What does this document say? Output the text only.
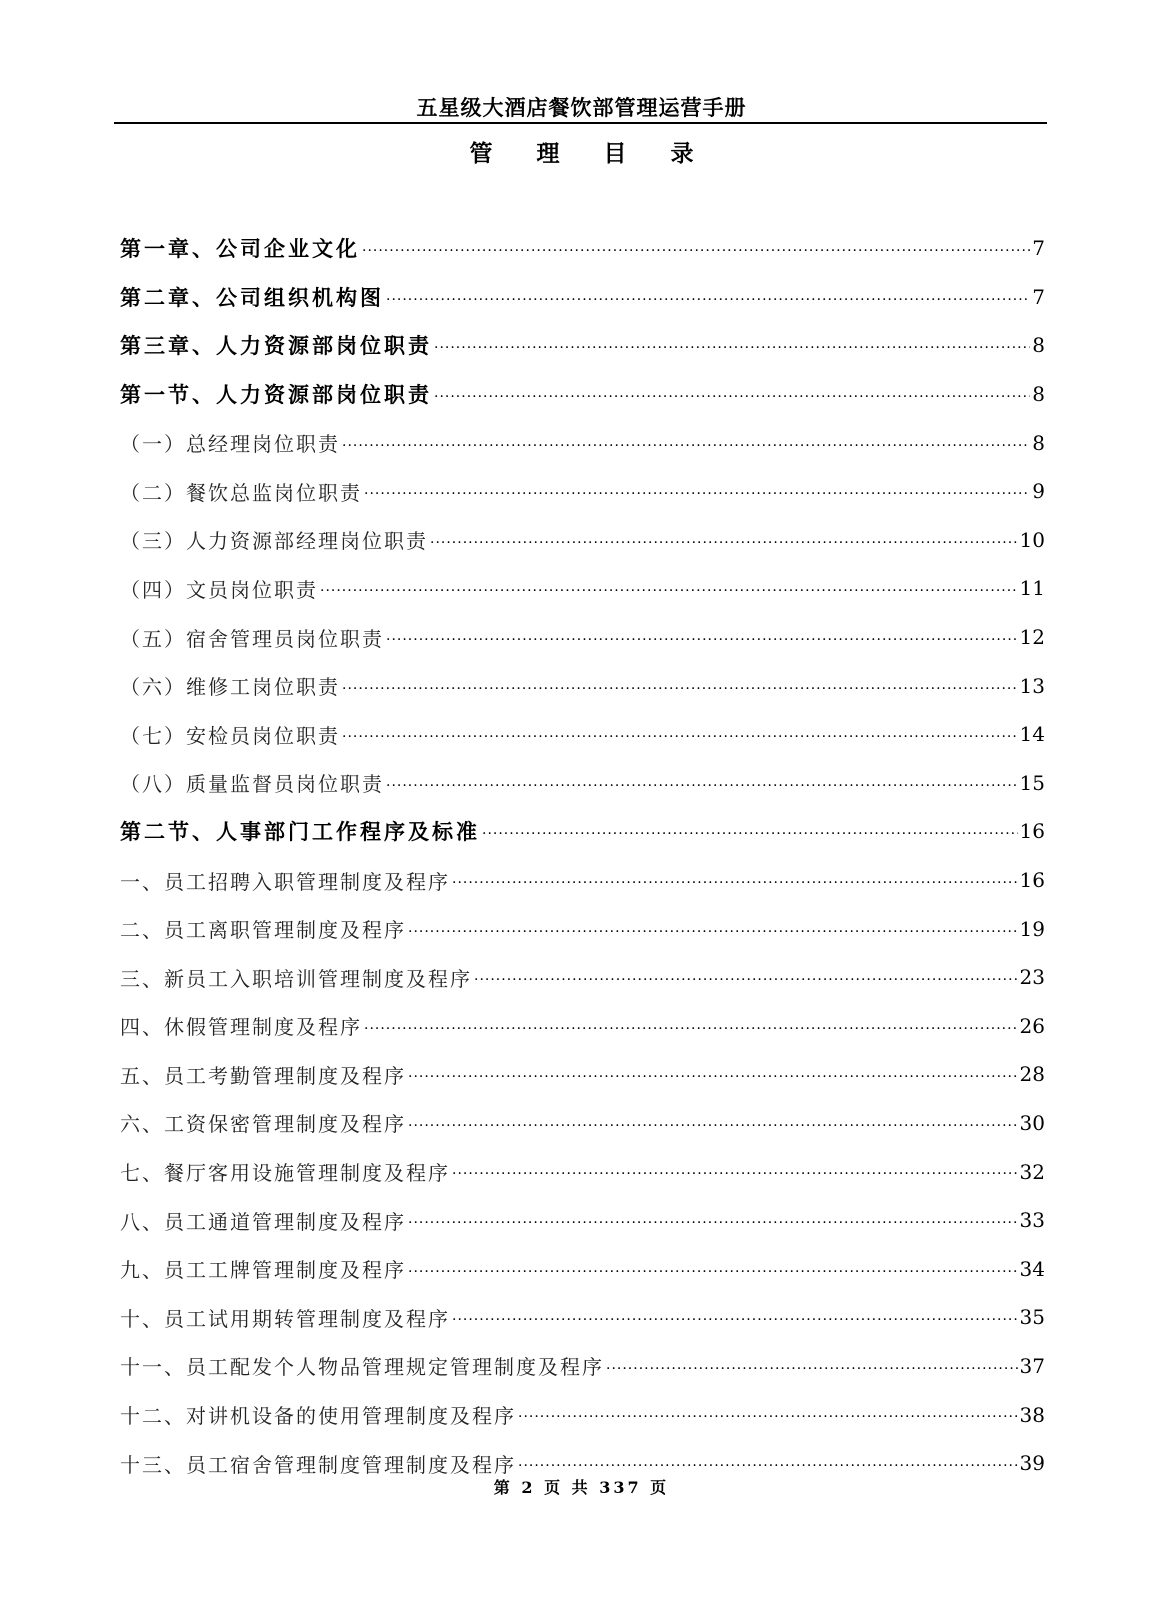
五星级大酒店餐饮部管理运营手册
管理目录
第一章、公司企业文化 ·····	7
第二章、公司组织机构图 ·····	7
第三章、人力资源部岗位职责 ·····	8
第一节、人力资源部岗位职责 ·····	8
（一）总经理岗位职责 ·····	8
（二）餐饮总监岗位职责 ·····	9
（三）人力资源部经理岗位职责 ·····	10
（四）文员岗位职责 ·····	11
（五）宿舍管理员岗位职责 ·····	12
（六）维修工岗位职责 ·····	13
（七）安检员岗位职责 ·····	14
（八）质量监督员岗位职责 ·····	15
第二节、人事部门工作程序及标准 ·····	16
一、员工招聘入职管理制度及程序 ·····	16
二、员工离职管理制度及程序 ·····	19
三、新员工入职培训管理制度及程序 ·····	23
四、休假管理制度及程序 ·····	26
五、员工考勤管理制度及程序 ·····	28
六、工资保密管理制度及程序 ·····	30
七、餐厅客用设施管理制度及程序 ·····	32
八、员工通道管理制度及程序 ·····	33
九、员工工牌管理制度及程序 ·····	34
十、员工试用期转管理制度及程序 ·····	35
十一、员工配发个人物品管理规定管理制度及程序 ·····	37
十二、对讲机设备的使用管理制度及程序 ·····	38
十三、员工宿舍管理制度管理制度及程序 ·····	39
第 2 页 共 337 页
